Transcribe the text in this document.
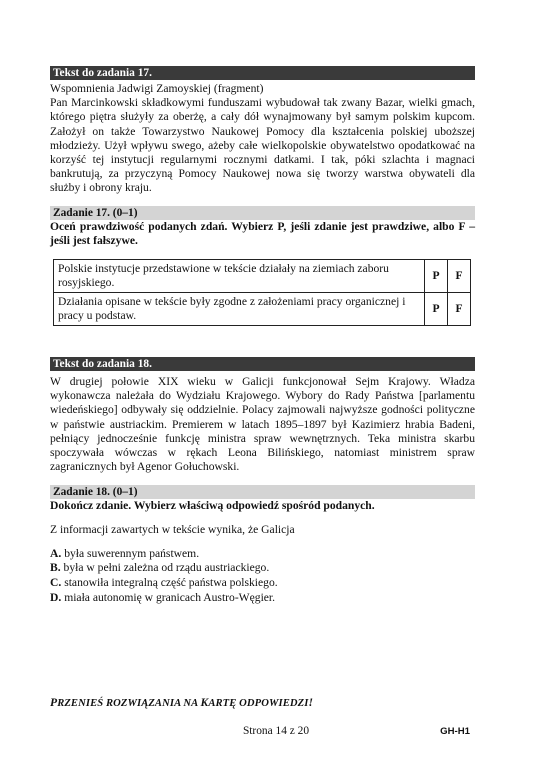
Tekst do zadania 17.

Wspomnienia Jadwigi Zamoyskiej (fragment)

Pan Marcinkowski składkowymi funduszami wybudował tak zwany Bazar, wielki gmach, którego piętra służyły za oberżę, a cały dół wynajmowany był samym polskim kupcom. Założył on także Towarzystwo Naukowej Pomocy dla kształcenia polskiej uboższej młodzieży. Użył wpływu swego, ażeby całe wielkopolskie obywatelstwo opodatkować na korzyść tej instytucji regularnymi rocznymi datkami. I tak, póki szlachta i magnaci bankrutują, za przyczyną Pomocy Naukowej nowa się tworzy warstwa obywateli dla służby i obrony kraju.

Zadanie 17. (0–1)

Oceń prawdziwość podanych zdań. Wybierz P, jeśli zdanie jest prawdziwe, albo F – jeśli jest fałszywe.

Polskie instytucje przedstawione w tekście działały na ziemiach zaboru rosyjskiego.	P	F
Działania opisane w tekście były zgodne z założeniami pracy organicznej i pracy u podstaw.	P	F
Tekst do zadania 18.

W drugiej połowie XIX wieku w Galicji funkcjonował Sejm Krajowy. Władza wykonawcza należała do Wydziału Krajowego. Wybory do Rady Państwa [parlamentu wiedeńskiego] odbywały się oddzielnie. Polacy zajmowali najwyższe godności polityczne w państwie austriackim. Premierem w latach 1895–1897 był Kazimierz hrabia Badeni, pełniący jednocześnie funkcję ministra spraw wewnętrznych. Teka ministra skarbu spoczywała wówczas w rękach Leona Bilińskiego, natomiast ministrem spraw zagranicznych był Agenor Gołuchowski.

Zadanie 18. (0–1)

Dokończ zdanie. Wybierz właściwą odpowiedź spośród podanych.

Z informacji zawartych w tekście wynika, że Galicja

A. była suwerennym państwem.
B. była w pełni zależna od rządu austriackiego.
C. stanowiła integralną część państwa polskiego.
D. miała autonomię w granicach Austro-Węgier.
PRZENIEŚ ROZWIĄZANIA NA KARTĘ ODPOWIEDZI!
Strona 14 z 20	GH-H1
